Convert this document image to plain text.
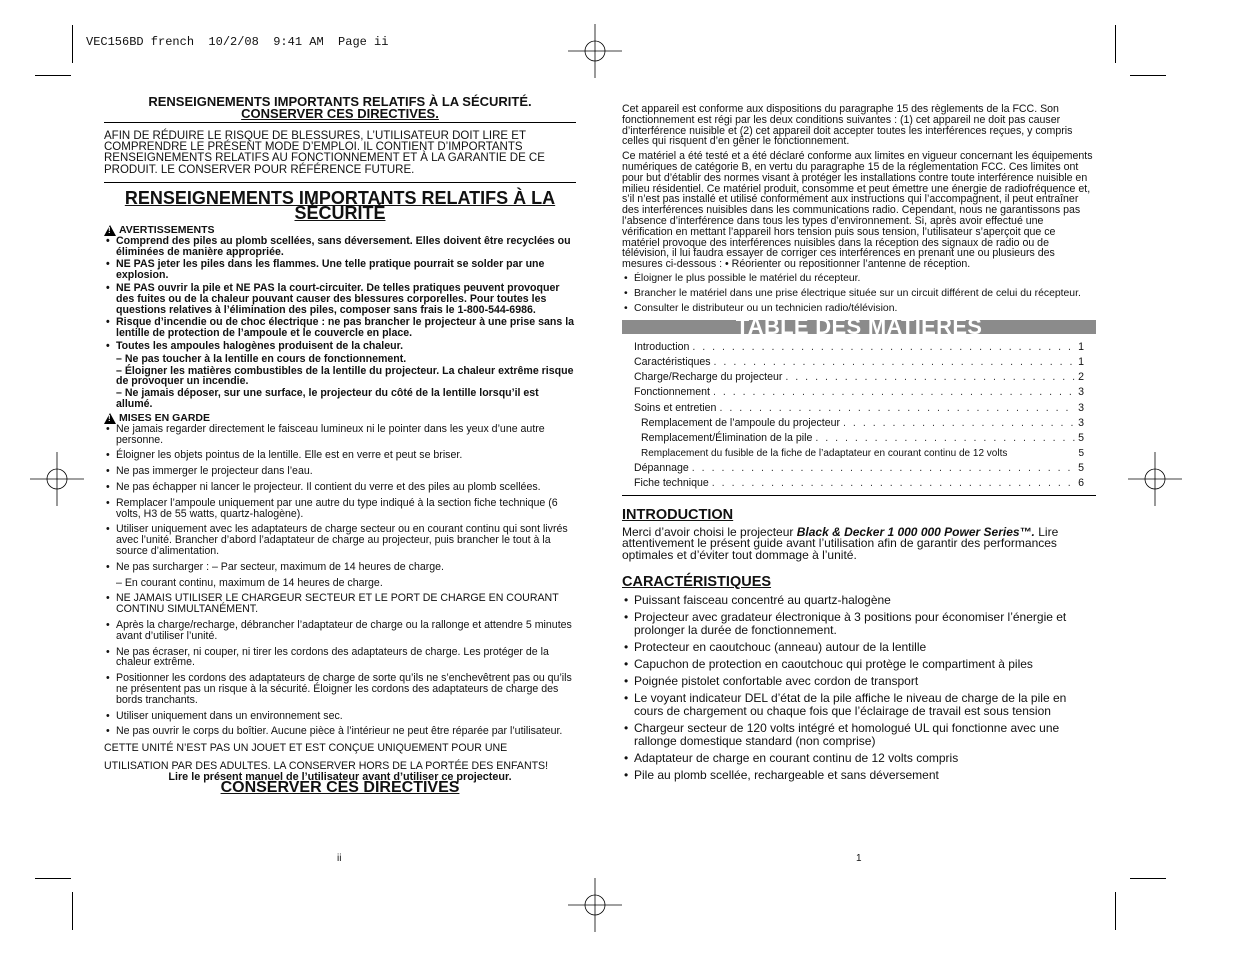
VEC156BD french  10/2/08  9:41 AM  Page ii
RENSEIGNEMENTS IMPORTANTS RELATIFS À LA SÉCURITÉ.
CONSERVER CES DIRECTIVES.
AFIN DE RÉDUIRE LE RISQUE DE BLESSURES, L’UTILISATEUR DOIT LIRE ET COMPRENDRE LE PRÉSENT MODE D’EMPLOI. IL CONTIENT D’IMPORTANTS RENSEIGNEMENTS RELATIFS AU FONCTIONNEMENT ET À LA GARANTIE DE CE PRODUIT. LE CONSERVER POUR RÉFÉRENCE FUTURE.
RENSEIGNEMENTS IMPORTANTS RELATIFS À LA SÉCURITÉ
!
AVERTISSEMENTS
• Comprend des piles au plomb scellées, sans déversement. Elles doivent être recyclées ou éliminées de manière appropriée.
• NE PAS jeter les piles dans les flammes. Une telle pratique pourrait se solder par une explosion.
• NE PAS ouvrir la pile et NE PAS la court-circuiter. De telles pratiques peuvent provoquer des fuites ou de la chaleur pouvant causer des blessures corporelles. Pour toutes les questions relatives à l’élimination des piles, composer sans frais le 1-800-544-6986.
• Risque d’incendie ou de choc électrique : ne pas brancher le projecteur à une prise sans la lentille de protection de l’ampoule et le couvercle en place.
• Toutes les ampoules halogènes produisent de la chaleur.
– Ne pas toucher à la lentille en cours de fonctionnement.
– Éloigner les matières combustibles de la lentille du projecteur. La chaleur extrême risque de provoquer un incendie.
– Ne jamais déposer, sur une surface, le projecteur du côté de la lentille lorsqu’il est allumé.
!
MISES EN GARDE
• Ne jamais regarder directement le faisceau lumineux ni le pointer dans les yeux d’une autre personne.
• Éloigner les objets pointus de la lentille. Elle est en verre et peut se briser.
• Ne pas immerger le projecteur dans l’eau.
• Ne pas échapper ni lancer le projecteur. Il contient du verre et des piles au plomb scellées.
• Remplacer l’ampoule uniquement par une autre du type indiqué à la section fiche technique (6 volts, H3 de 55 watts, quartz-halogène).
• Utiliser uniquement avec les adaptateurs de charge secteur ou en courant continu qui sont livrés avec l’unité. Brancher d’abord l’adaptateur de charge au projecteur, puis brancher le tout à la source d’alimentation.
• Ne pas surcharger : – Par secteur, maximum de 14 heures de charge.
– En courant continu, maximum de 14 heures de charge.
• NE JAMAIS UTILISER LE CHARGEUR SECTEUR ET LE PORT DE CHARGE EN COURANT CONTINU SIMULTANÉMENT.
• Après la charge/recharge, débrancher l’adaptateur de charge ou la rallonge et attendre 5 minutes avant d’utiliser l’unité.
• Ne pas écraser, ni couper, ni tirer les cordons des adaptateurs de charge. Les protéger de la chaleur extrême.
• Positionner les cordons des adaptateurs de charge de sorte qu’ils ne s’enchevêtrent pas ou qu’ils ne présentent pas un risque à la sécurité. Éloigner les cordons des adaptateurs de charge des bords tranchants.
• Utiliser uniquement dans un environnement sec.
• Ne pas ouvrir le corps du boîtier. Aucune pièce à l’intérieur ne peut être réparée par l’utilisateur.
CETTE UNITÉ N’EST PAS UN JOUET ET EST CONÇUE UNIQUEMENT POUR UNE
UTILISATION PAR DES ADULTES. LA CONSERVER HORS DE LA PORTÉE DES ENFANTS!
Lire le présent manuel de l’utilisateur avant d’utiliser ce projecteur.
CONSERVER CES DIRECTIVES
ii
Cet appareil est conforme aux dispositions du paragraphe 15 des règlements de la FCC. Son fonctionnement est régi par les deux conditions suivantes : (1) cet appareil ne doit pas causer d’interférence nuisible et (2) cet appareil doit accepter toutes les interférences reçues, y compris celles qui risquent d’en gêner le fonctionnement.
Ce matériel a été testé et a été déclaré conforme aux limites en vigueur concernant les équipements numériques de catégorie B, en vertu du paragraphe 15 de la réglementation FCC. Ces limites ont pour but d’établir des normes visant à protéger les installations contre toute interférence nuisible en milieu résidentiel. Ce matériel produit, consomme et peut émettre une énergie de radiofréquence et, s’il n’est pas installé et utilisé conformément aux instructions qui l’accompagnent, il peut entraîner des interférences nuisibles dans les communications radio. Cependant, nous ne garantissons pas l’absence d’interférence dans tous les types d’environnement. Si, après avoir effectué une vérification en mettant l’appareil hors tension puis sous tension, l’utilisateur s’aperçoit que ce matériel provoque des interférences nuisibles dans la réception des signaux de radio ou de télévision, il lui faudra essayer de corriger ces interférences en prenant une ou plusieurs des mesures ci-dessous : • Réorienter ou repositionner l’antenne de réception.
• Éloigner le plus possible le matériel du récepteur.
• Brancher le matériel dans une prise électrique située sur un circuit différent de celui du récepteur.
• Consulter le distributeur ou un technicien radio/télévision.
TABLE DES MATIÈRES
Introduction . . .	1
Caractéristiques . . .	1
Charge/Recharge du projecteur . . .	2
Fonctionnement . . .	3
Soins et entretien . . .	3
Remplacement de l’ampoule du projecteur . . .	3
Remplacement/Élimination de la pile . . .	5
Remplacement du fusible de la fiche de l’adaptateur en courant continu de 12 volts	5
Dépannage . . .	5
Fiche technique . . .	6
INTRODUCTION
Merci d’avoir choisi le projecteur Black & Decker 1 000 000 Power Series™. Lire attentivement le présent guide avant l’utilisation afin de garantir des performances optimales et d’éviter tout dommage à l’unité.
CARACTÉRISTIQUES
• Puissant faisceau concentré au quartz-halogène
• Projecteur avec gradateur électronique à 3 positions pour économiser l’énergie et prolonger la durée de fonctionnement.
• Protecteur en caoutchouc (anneau) autour de la lentille
• Capuchon de protection en caoutchouc qui protège le compartiment à piles
• Poignée pistolet confortable avec cordon de transport
• Le voyant indicateur DEL d’état de la pile affiche le niveau de charge de la pile en cours de chargement ou chaque fois que l’éclairage de travail est sous tension
• Chargeur secteur de 120 volts intégré et homologué UL qui fonctionne avec une rallonge domestique standard (non comprise)
• Adaptateur de charge en courant continu de 12 volts compris
• Pile au plomb scellée, rechargeable et sans déversement
1
